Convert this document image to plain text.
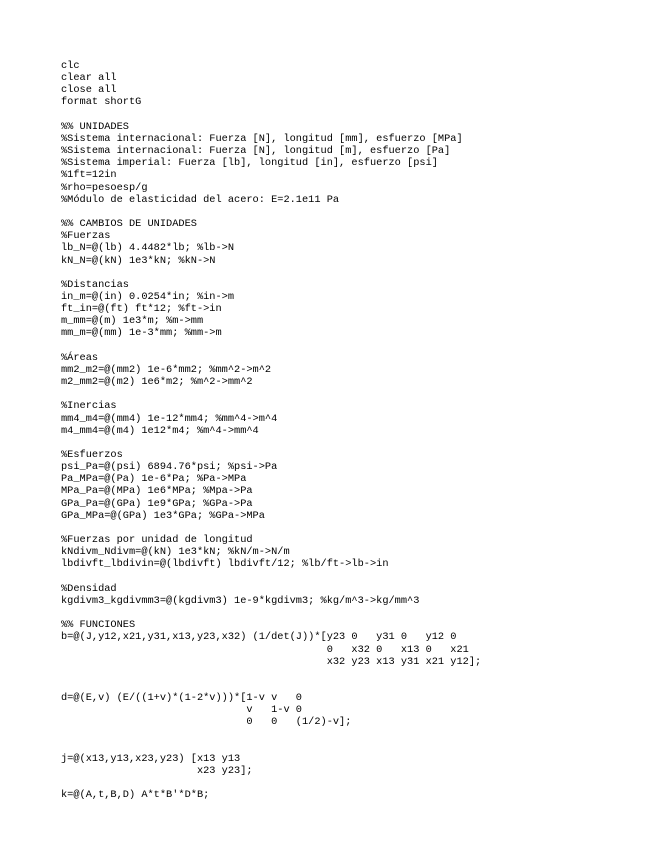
clc
clear all
close all
format shortG
%% UNIDADES
%Sistema internacional: Fuerza [N], longitud [mm], esfuerzo [MPa]
%Sistema internacional: Fuerza [N], longitud [m], esfuerzo [Pa]
%Sistema imperial: Fuerza [lb], longitud [in], esfuerzo [psi]
%1ft=12in
%rho=pesoesp/g
%Módulo de elasticidad del acero: E=2.1e11 Pa
%% CAMBIOS DE UNIDADES
%Fuerzas
lb_N=@(lb) 4.4482*lb; %lb->N
kN_N=@(kN) 1e3*kN; %kN->N
%Distancias
in_m=@(in) 0.0254*in; %in->m
ft_in=@(ft) ft*12; %ft->in
m_mm=@(m) 1e3*m; %m->mm
mm_m=@(mm) 1e-3*mm; %mm->m
%Áreas
mm2_m2=@(mm2) 1e-6*mm2; %mm^2->m^2
m2_mm2=@(m2) 1e6*m2; %m^2->mm^2
%Inercias
mm4_m4=@(mm4) 1e-12*mm4; %mm^4->m^4
m4_mm4=@(m4) 1e12*m4; %m^4->mm^4
%Esfuerzos
psi_Pa=@(psi) 6894.76*psi; %psi->Pa
Pa_MPa=@(Pa) 1e-6*Pa; %Pa->MPa
MPa_Pa=@(MPa) 1e6*MPa; %Mpa->Pa
GPa_Pa=@(GPa) 1e9*GPa; %GPa->Pa
GPa_MPa=@(GPa) 1e3*GPa; %GPa->MPa
%Fuerzas por unidad de longitud
kNdivm_Ndivm=@(kN) 1e3*kN; %kN/m->N/m
lbdivft_lbdivin=@(lbdivft) lbdivft/12; %lb/ft->lb->in
%Densidad
kgdivm3_kgdivmm3=@(kgdivm3) 1e-9*kgdivm3; %kg/m^3->kg/mm^3
%% FUNCIONES
b=@(J,y12,x21,y31,x13,y23,x32) (1/det(J))*[y23 0   y31 0   y12 0
0   x32 0   x13 0   x21
x32 y23 x13 y31 x21 y12];
d=@(E,v) (E/((1+v)*(1-2*v)))*[1-v v   0
v   1-v 0
0   0   (1/2)-v];
j=@(x13,y13,x23,y23) [x13 y13
x23 y23];
k=@(A,t,B,D) A*t*B'*D*B;
